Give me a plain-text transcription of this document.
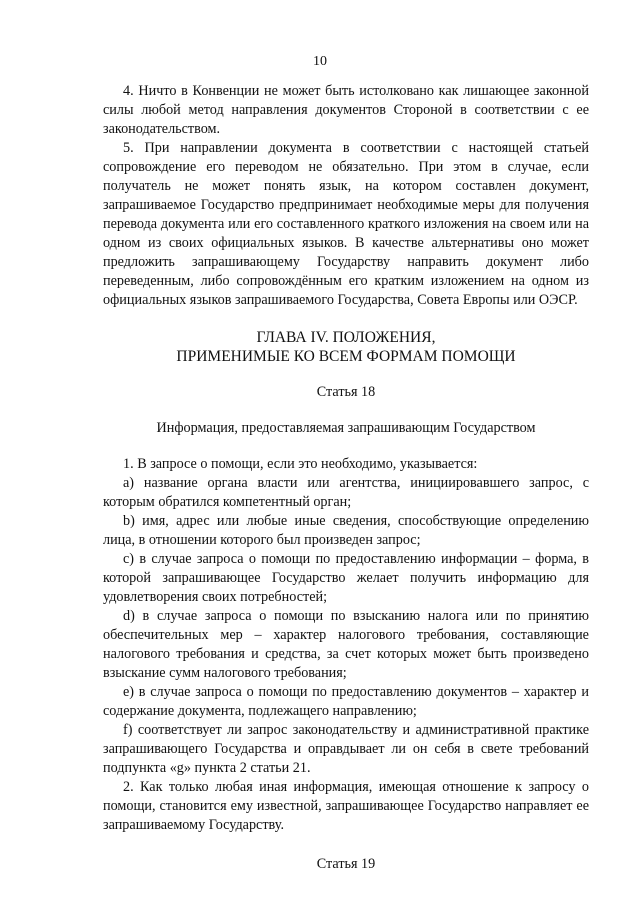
10

4. Ничто в Конвенции не может быть истолковано как лишающее законной силы любой метод направления документов Стороной в соответствии с ее законодательством.

5. При направлении документа в соответствии с настоящей статьей сопровождение его переводом не обязательно. При этом в случае, если получатель не может понять язык, на котором составлен документ, запрашиваемое Государство предпринимает необходимые меры для получения перевода документа или его составленного краткого изложения на своем или на одном из своих официальных языков. В качестве альтернативы оно может предложить запрашивающему Государству направить документ либо переведенным, либо сопровождённым его кратким изложением на одном из официальных языков запрашиваемого Государства, Совета Европы или ОЭСР.

ГЛАВА IV. ПОЛОЖЕНИЯ,
ПРИМЕНИМЫЕ КО ВСЕМ ФОРМАМ ПОМОЩИ
Статья 18
Информация, предоставляемая запрашивающим Государством

1. В запросе о помощи, если это необходимо, указывается:

a) название органа власти или агентства, инициировавшего запрос, с которым обратился компетентный орган;

b) имя, адрес или любые иные сведения, способствующие определению лица, в отношении которого был произведен запрос;

c) в случае запроса о помощи по предоставлению информации – форма, в которой запрашивающее Государство желает получить информацию для удовлетворения своих потребностей;

d) в случае запроса о помощи по взысканию налога или по принятию обеспечительных мер – характер налогового требования, составляющие налогового требования и средства, за счет которых может быть произведено взыскание сумм налогового требования;

e) в случае запроса о помощи по предоставлению документов – характер и содержание документа, подлежащего направлению;

f) соответствует ли запрос законодательству и административной практике запрашивающего Государства и оправдывает ли он себя в свете требований подпункта «g» пункта 2 статьи 21.

2. Как только любая иная информация, имеющая отношение к запросу о помощи, становится ему известной, запрашивающее Государство направляет ее запрашиваемому Государству.

Статья 19
